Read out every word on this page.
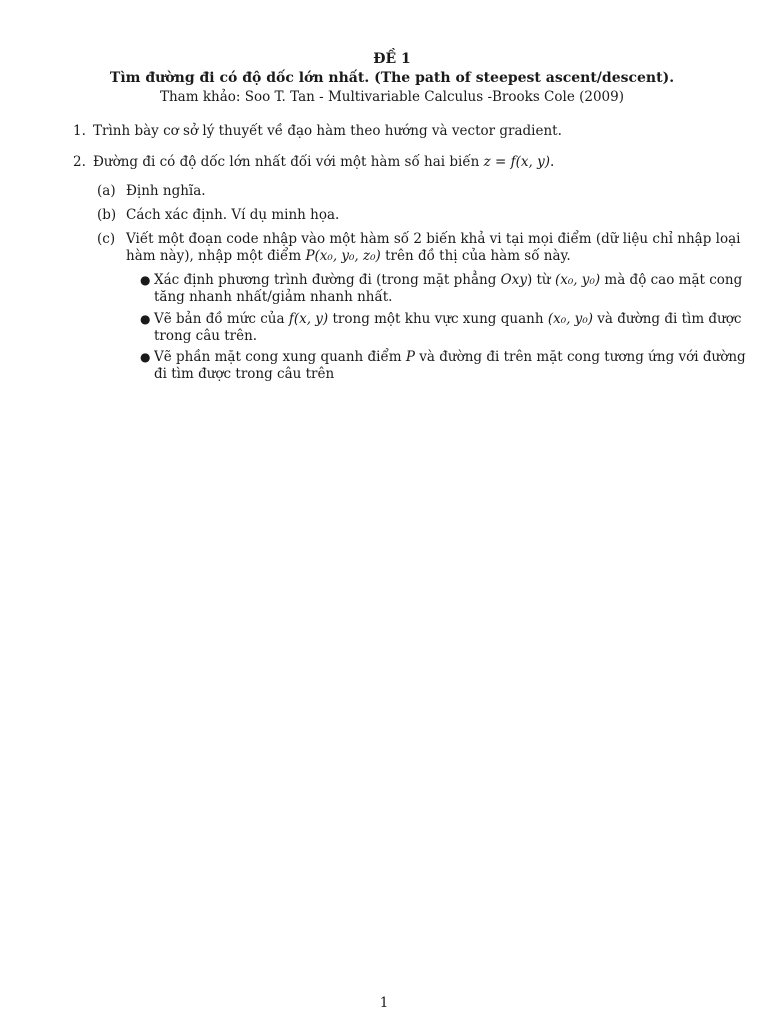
ĐỀ 1

Tìm đường đi có độ dốc lớn nhất. (The path of steepest ascent/descent).

Tham khảo: Soo T. Tan - Multivariable Calculus -Brooks Cole (2009)

1. Trình bày cơ sở lý thuyết về đạo hàm theo hướng và vector gradient.
2. Đường đi có độ dốc lớn nhất đối với một hàm số hai biến z = f(x, y).
(a) Định nghĩa.
(b) Cách xác định. Ví dụ minh họa.
(c) Viết một đoạn code nhập vào một hàm số 2 biến khả vi tại mọi điểm (dữ liệu chỉ nhập loại
hàm này), nhập một điểm P(x₀, y₀, z₀) trên đồ thị của hàm số này.
● Xác định phương trình đường đi (trong mặt phẳng Oxy) từ (x₀, y₀) mà độ cao mặt cong
tăng nhanh nhất/giảm nhanh nhất.
● Vẽ bản đồ mức của f(x, y) trong một khu vực xung quanh (x₀, y₀) và đường đi tìm được
trong câu trên.
● Vẽ phần mặt cong xung quanh điểm P và đường đi trên mặt cong tương ứng với đường
đi tìm được trong câu trên
1
